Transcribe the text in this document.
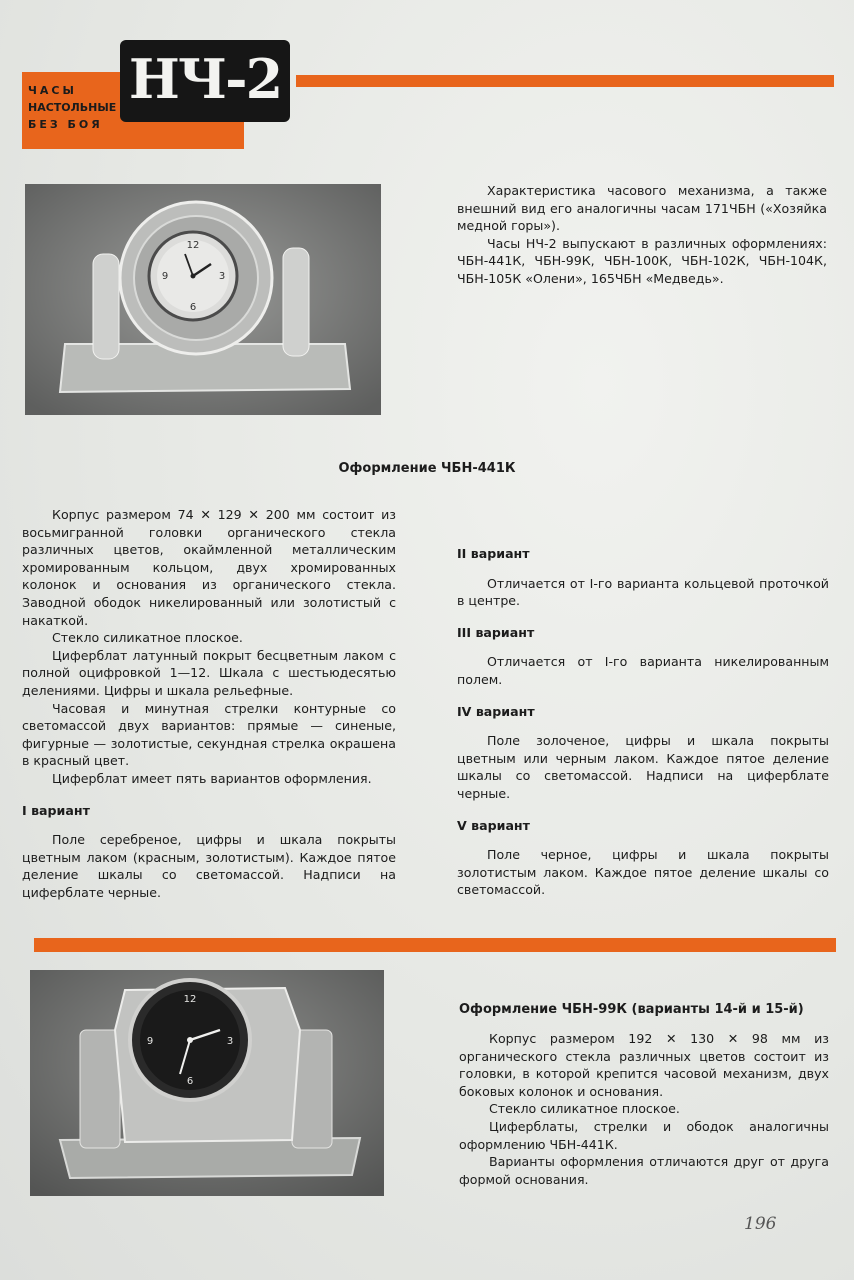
ЧАСЫ
НАСТОЛЬНЫЕ
БЕЗ БОЯ
НЧ-2
12
3
6
9

Характеристика часового механизма, а также внешний вид его аналогичны часам 171ЧБН («Хозяйка медной горы»).

Часы НЧ-2 выпускают в различных оформлениях: ЧБН-441К, ЧБН-99К, ЧБН-100К, ЧБН-102К, ЧБН-104К, ЧБН-105К «Олени», 165ЧБН «Медведь».

Оформление ЧБН-441К

Корпус размером 74 ✕ 129 ✕ 200 мм состоит из восьмигранной головки органического стекла различных цветов, окаймленной металлическим хромированным кольцом, двух хромированных колонок и основания из органического стекла. Заводной ободок никелированный или золотистый с накаткой.

Стекло силикатное плоское.

Циферблат латунный покрыт бесцветным лаком с полной оцифровкой 1—12. Шкала с шестьюдесятью делениями. Цифры и шкала рельефные.

Часовая и минутная стрелки контурные со светомассой двух вариантов: прямые — синеные, фигурные — золотистые, секундная стрелка окрашена в красный цвет.

Циферблат имеет пять вариантов оформления.

I вариант

Поле серебреное, цифры и шкала покрыты цветным лаком (красным, золотистым). Каждое пятое деление шкалы со светомассой. Надписи на циферблате черные.

II вариант

Отличается от I-го варианта кольцевой проточкой в центре.

III вариант

Отличается от I-го варианта никелированным полем.

IV вариант

Поле золоченое, цифры и шкала покрыты цветным или черным лаком. Каждое пятое деление шкалы со светомассой. Надписи на циферблате черные.

V вариант

Поле черное, цифры и шкала покрыты золотистым лаком. Каждое пятое деление шкалы со светомассой.

12
3
6
9
Оформление ЧБН-99К (варианты 14-й и 15-й)

Корпус размером 192 ✕ 130 ✕ 98 мм из органического стекла различных цветов состоит из головки, в которой крепится часовой механизм, двух боковых колонок и основания.

Стекло силикатное плоское.

Циферблаты, стрелки и ободок аналогичны оформлению ЧБН-441К.

Варианты оформления отличаются друг от друга формой основания.

196
